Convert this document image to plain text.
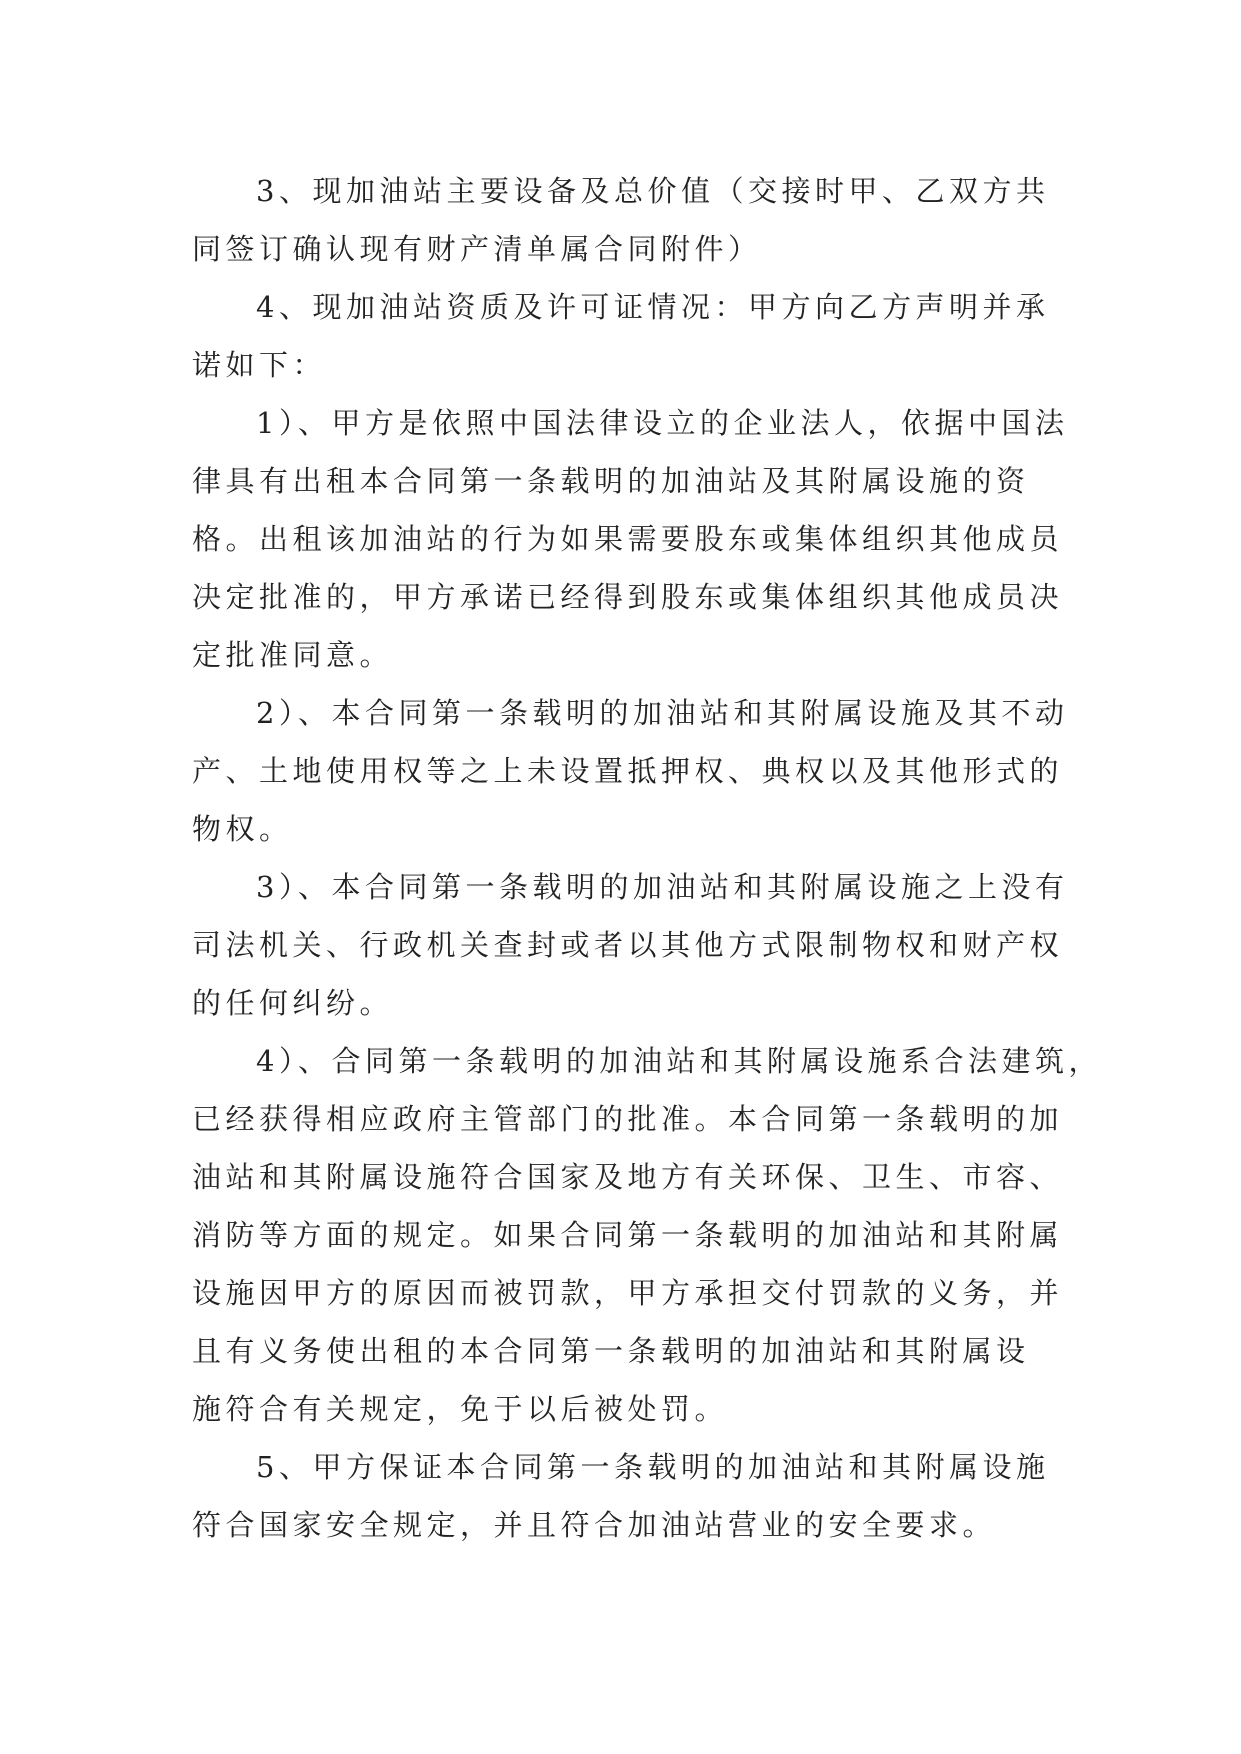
3、现加油站主要设备及总价值（交接时甲、乙双方共
同签订确认现有财产清单属合同附件）
4、现加油站资质及许可证情况：甲方向乙方声明并承
诺如下：
1）、甲方是依照中国法律设立的企业法人，依据中国法
律具有出租本合同第一条载明的加油站及其附属设施的资
格。出租该加油站的行为如果需要股东或集体组织其他成员
决定批准的，甲方承诺已经得到股东或集体组织其他成员决
定批准同意。
2）、本合同第一条载明的加油站和其附属设施及其不动
产、土地使用权等之上未设置抵押权、典权以及其他形式的
物权。
3）、本合同第一条载明的加油站和其附属设施之上没有
司法机关、行政机关查封或者以其他方式限制物权和财产权
的任何纠纷。
4）、合同第一条载明的加油站和其附属设施系合法建筑，
已经获得相应政府主管部门的批准。本合同第一条载明的加
油站和其附属设施符合国家及地方有关环保、卫生、市容、
消防等方面的规定。如果合同第一条载明的加油站和其附属
设施因甲方的原因而被罚款，甲方承担交付罚款的义务，并
且有义务使出租的本合同第一条载明的加油站和其附属设
施符合有关规定，免于以后被处罚。
5、甲方保证本合同第一条载明的加油站和其附属设施
符合国家安全规定，并且符合加油站营业的安全要求。
